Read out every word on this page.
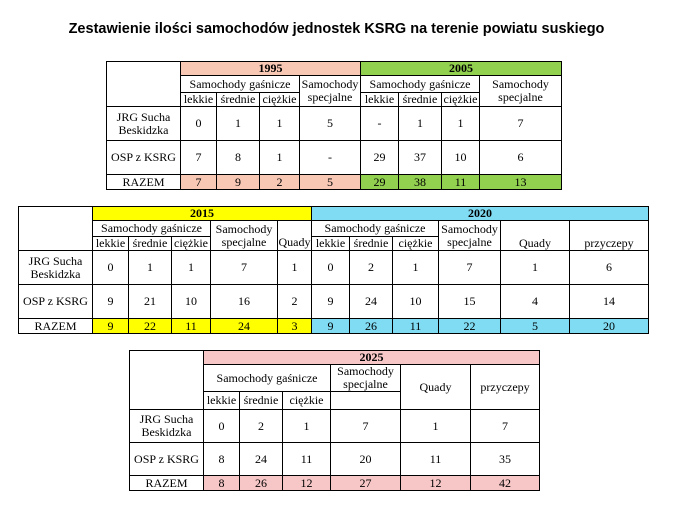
Zestawienie ilości samochodów jednostek KSRG na terenie powiatu suskiego
	1995				2005			
	Samochody gaśnicze			Samochody specjalne	Samochody gaśnicze			Samochody specjalne
	lekkie	średnie	ciężkie		lekkie	średnie	ciężkie	
JRG Sucha Beskidzka	0	1	1	5	-	1	1	7
OSP z KSRG	7	8	1	-	29	37	10	6
RAZEM	7	9	2	5	29	38	11	13
	2015					2020					
	Samochody gaśnicze			Samochody specjalne	Quady	Samochody gaśnicze			Samochody specjalne	Quady	przyczepy
	lekkie	średnie	ciężkie			lekkie	średnie	ciężkie			
JRG Sucha Beskidzka	0	1	1	7	1	0	2	1	7	1	6
OSP z KSRG	9	21	10	16	2	9	24	10	15	4	14
RAZEM	9	22	11	24	3	9	26	11	22	5	20
	2025					
	Samochody gaśnicze			Samochody specjalne	Quady	przyczepy
	lekkie	średnie	ciężkie			
JRG Sucha Beskidzka	0	2	1	7	1	7
OSP z KSRG	8	24	11	20	11	35
RAZEM	8	26	12	27	12	42
